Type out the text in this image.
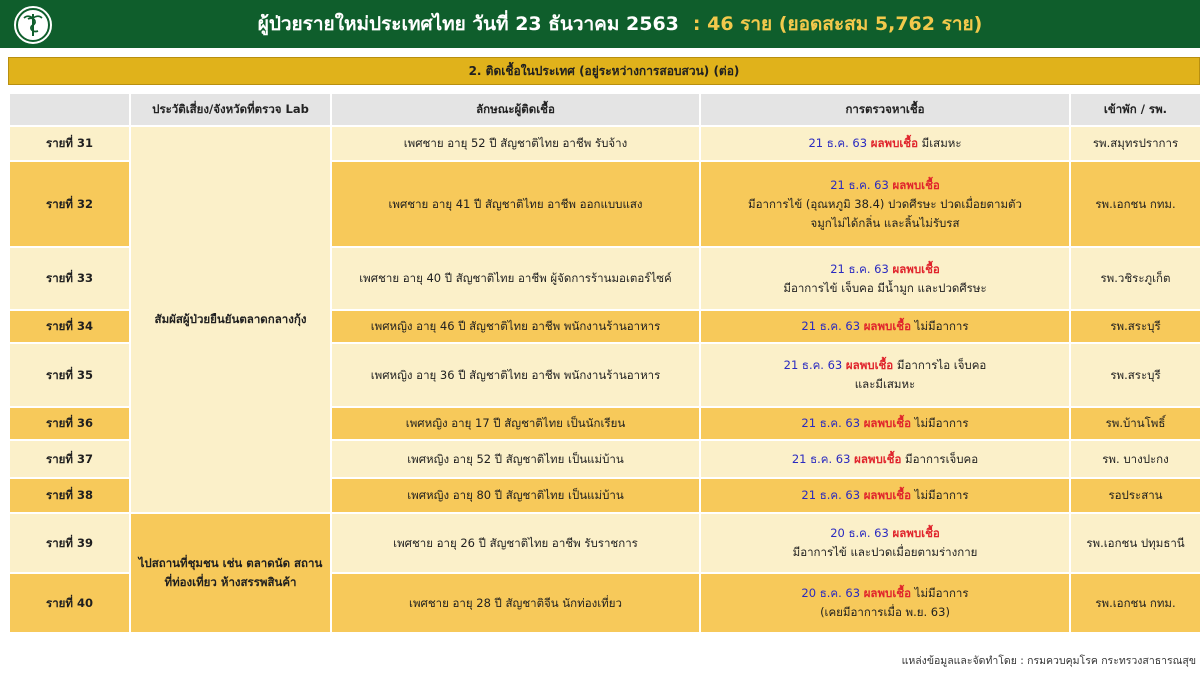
ผู้ป่วยรายใหม่ประเทศไทย วันที่ 23 ธันวาคม 2563 : 46 ราย (ยอดสะสม 5,762 ราย)
2. ติดเชื้อในประเทศ (อยู่ระหว่างการสอบสวน) (ต่อ)
	ประวัติเสี่ยง/จังหวัดที่ตรวจ Lab	ลักษณะผู้ติดเชื้อ	การตรวจหาเชื้อ	เข้าพัก / รพ.
รายที่ 31	สัมผัสผู้ป่วยยืนยันตลาดกลางกุ้ง	เพศชาย อายุ 52 ปี สัญชาติไทย อาชีพ รับจ้าง	21 ธ.ค. 63 ผลพบเชื้อ มีเสมหะ	รพ.สมุทรปราการ
รายที่ 32		เพศชาย อายุ 41 ปี สัญชาติไทย อาชีพ ออกแบบแสง	21 ธ.ค. 63 ผลพบเชื้อ
มีอาการไข้ (อุณหภูมิ 38.4) ปวดศีรษะ ปวดเมื่อยตามตัว
จมูกไม่ได้กลิ่น และลิ้นไม่รับรส	รพ.เอกชน กทม.
รายที่ 33		เพศชาย อายุ 40 ปี สัญชาติไทย อาชีพ ผู้จัดการร้านมอเตอร์ไซค์	21 ธ.ค. 63 ผลพบเชื้อ
มีอาการไข้ เจ็บคอ มีน้ำมูก และปวดศีรษะ	รพ.วชิระภูเก็ต
รายที่ 34		เพศหญิง อายุ 46 ปี สัญชาติไทย อาชีพ พนักงานร้านอาหาร	21 ธ.ค. 63 ผลพบเชื้อ ไม่มีอาการ	รพ.สระบุรี
รายที่ 35		เพศหญิง อายุ 36 ปี สัญชาติไทย อาชีพ พนักงานร้านอาหาร	21 ธ.ค. 63 ผลพบเชื้อ มีอาการไอ เจ็บคอ
และมีเสมหะ	รพ.สระบุรี
รายที่ 36		เพศหญิง อายุ 17 ปี สัญชาติไทย เป็นนักเรียน	21 ธ.ค. 63 ผลพบเชื้อ ไม่มีอาการ	รพ.บ้านโพธิ์
รายที่ 37		เพศหญิง อายุ 52 ปี สัญชาติไทย เป็นแม่บ้าน	21 ธ.ค. 63 ผลพบเชื้อ มีอาการเจ็บคอ	รพ. บางปะกง
รายที่ 38		เพศหญิง อายุ 80 ปี สัญชาติไทย เป็นแม่บ้าน	21 ธ.ค. 63 ผลพบเชื้อ ไม่มีอาการ	รอประสาน
รายที่ 39	ไปสถานที่ชุมชน เช่น ตลาดนัด สถานที่ท่องเที่ยว ห้างสรรพสินค้า	เพศชาย อายุ 26 ปี สัญชาติไทย อาชีพ รับราชการ	20 ธ.ค. 63 ผลพบเชื้อ
มีอาการไข้ และปวดเมื่อยตามร่างกาย	รพ.เอกชน ปทุมธานี
รายที่ 40		เพศชาย อายุ 28 ปี สัญชาติจีน นักท่องเที่ยว	20 ธ.ค. 63 ผลพบเชื้อ ไม่มีอาการ
(เคยมีอาการเมื่อ พ.ย. 63)	รพ.เอกชน กทม.
แหล่งข้อมูลและจัดทำโดย : กรมควบคุมโรค กระทรวงสาธารณสุข
